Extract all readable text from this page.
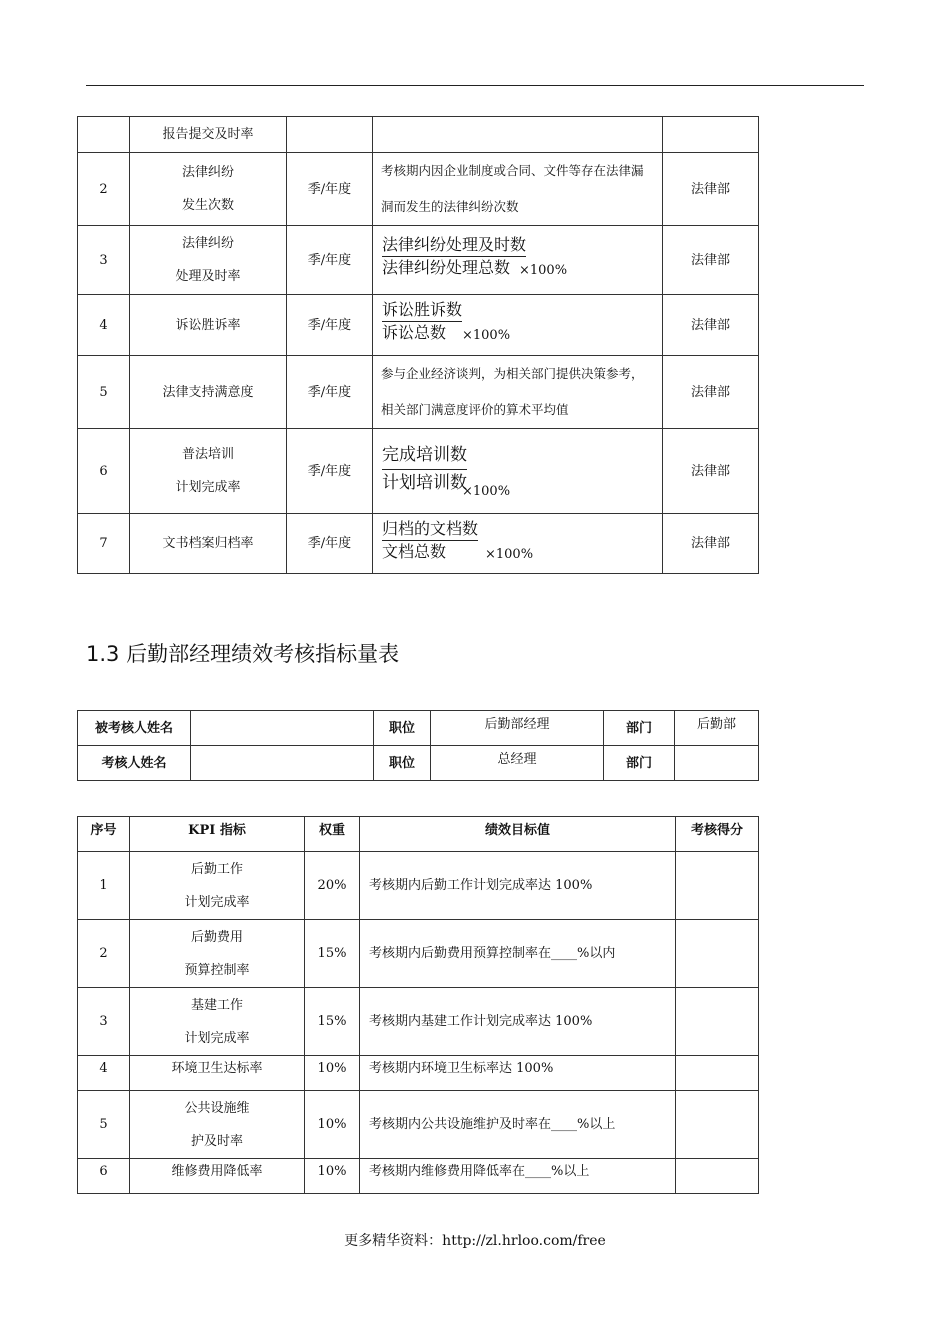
	报告提交及时率			
2	法律纠纷
发生次数	季/年度	考核期内因企业制度或合同、文件等存在法律漏洞而发生的法律纠纷次数	法律部
3	法律纠纷
处理及时率	季/年度	法律纠纷处理及时数
法律纠纷处理总数 ×100%	法律部
4	诉讼胜诉率	季/年度	诉讼胜诉数
诉讼总数 ×100%	法律部
5	法律支持满意度	季/年度	参与企业经济谈判，为相关部门提供决策参考，相关部门满意度评价的算术平均值	法律部
6	普法培训
计划完成率	季/年度	完成培训数
计划培训数
×100%	法律部
7	文书档案归档率	季/年度	归档的文档数
文档总数 ×100%	法律部
1.3 后勤部经理绩效考核指标量表
被考核人姓名		职位	后勤部经理	部门	后勤部
考核人姓名		职位	总经理	部门	
序号	KPI 指标	权重	绩效目标值	考核得分
1	后勤工作
计划完成率	20%	考核期内后勤工作计划完成率达 100%	
2	后勤费用
预算控制率	15%	考核期内后勤费用预算控制率在____%以内	
3	基建工作
计划完成率	15%	考核期内基建工作计划完成率达 100%	
4	环境卫生达标率	10%	考核期内环境卫生标率达 100%	
5	公共设施维
护及时率	10%	考核期内公共设施维护及时率在____%以上	
6	维修费用降低率	10%	考核期内维修费用降低率在____%以上	
更多精华资料：http://zl.hrloo.com/free
